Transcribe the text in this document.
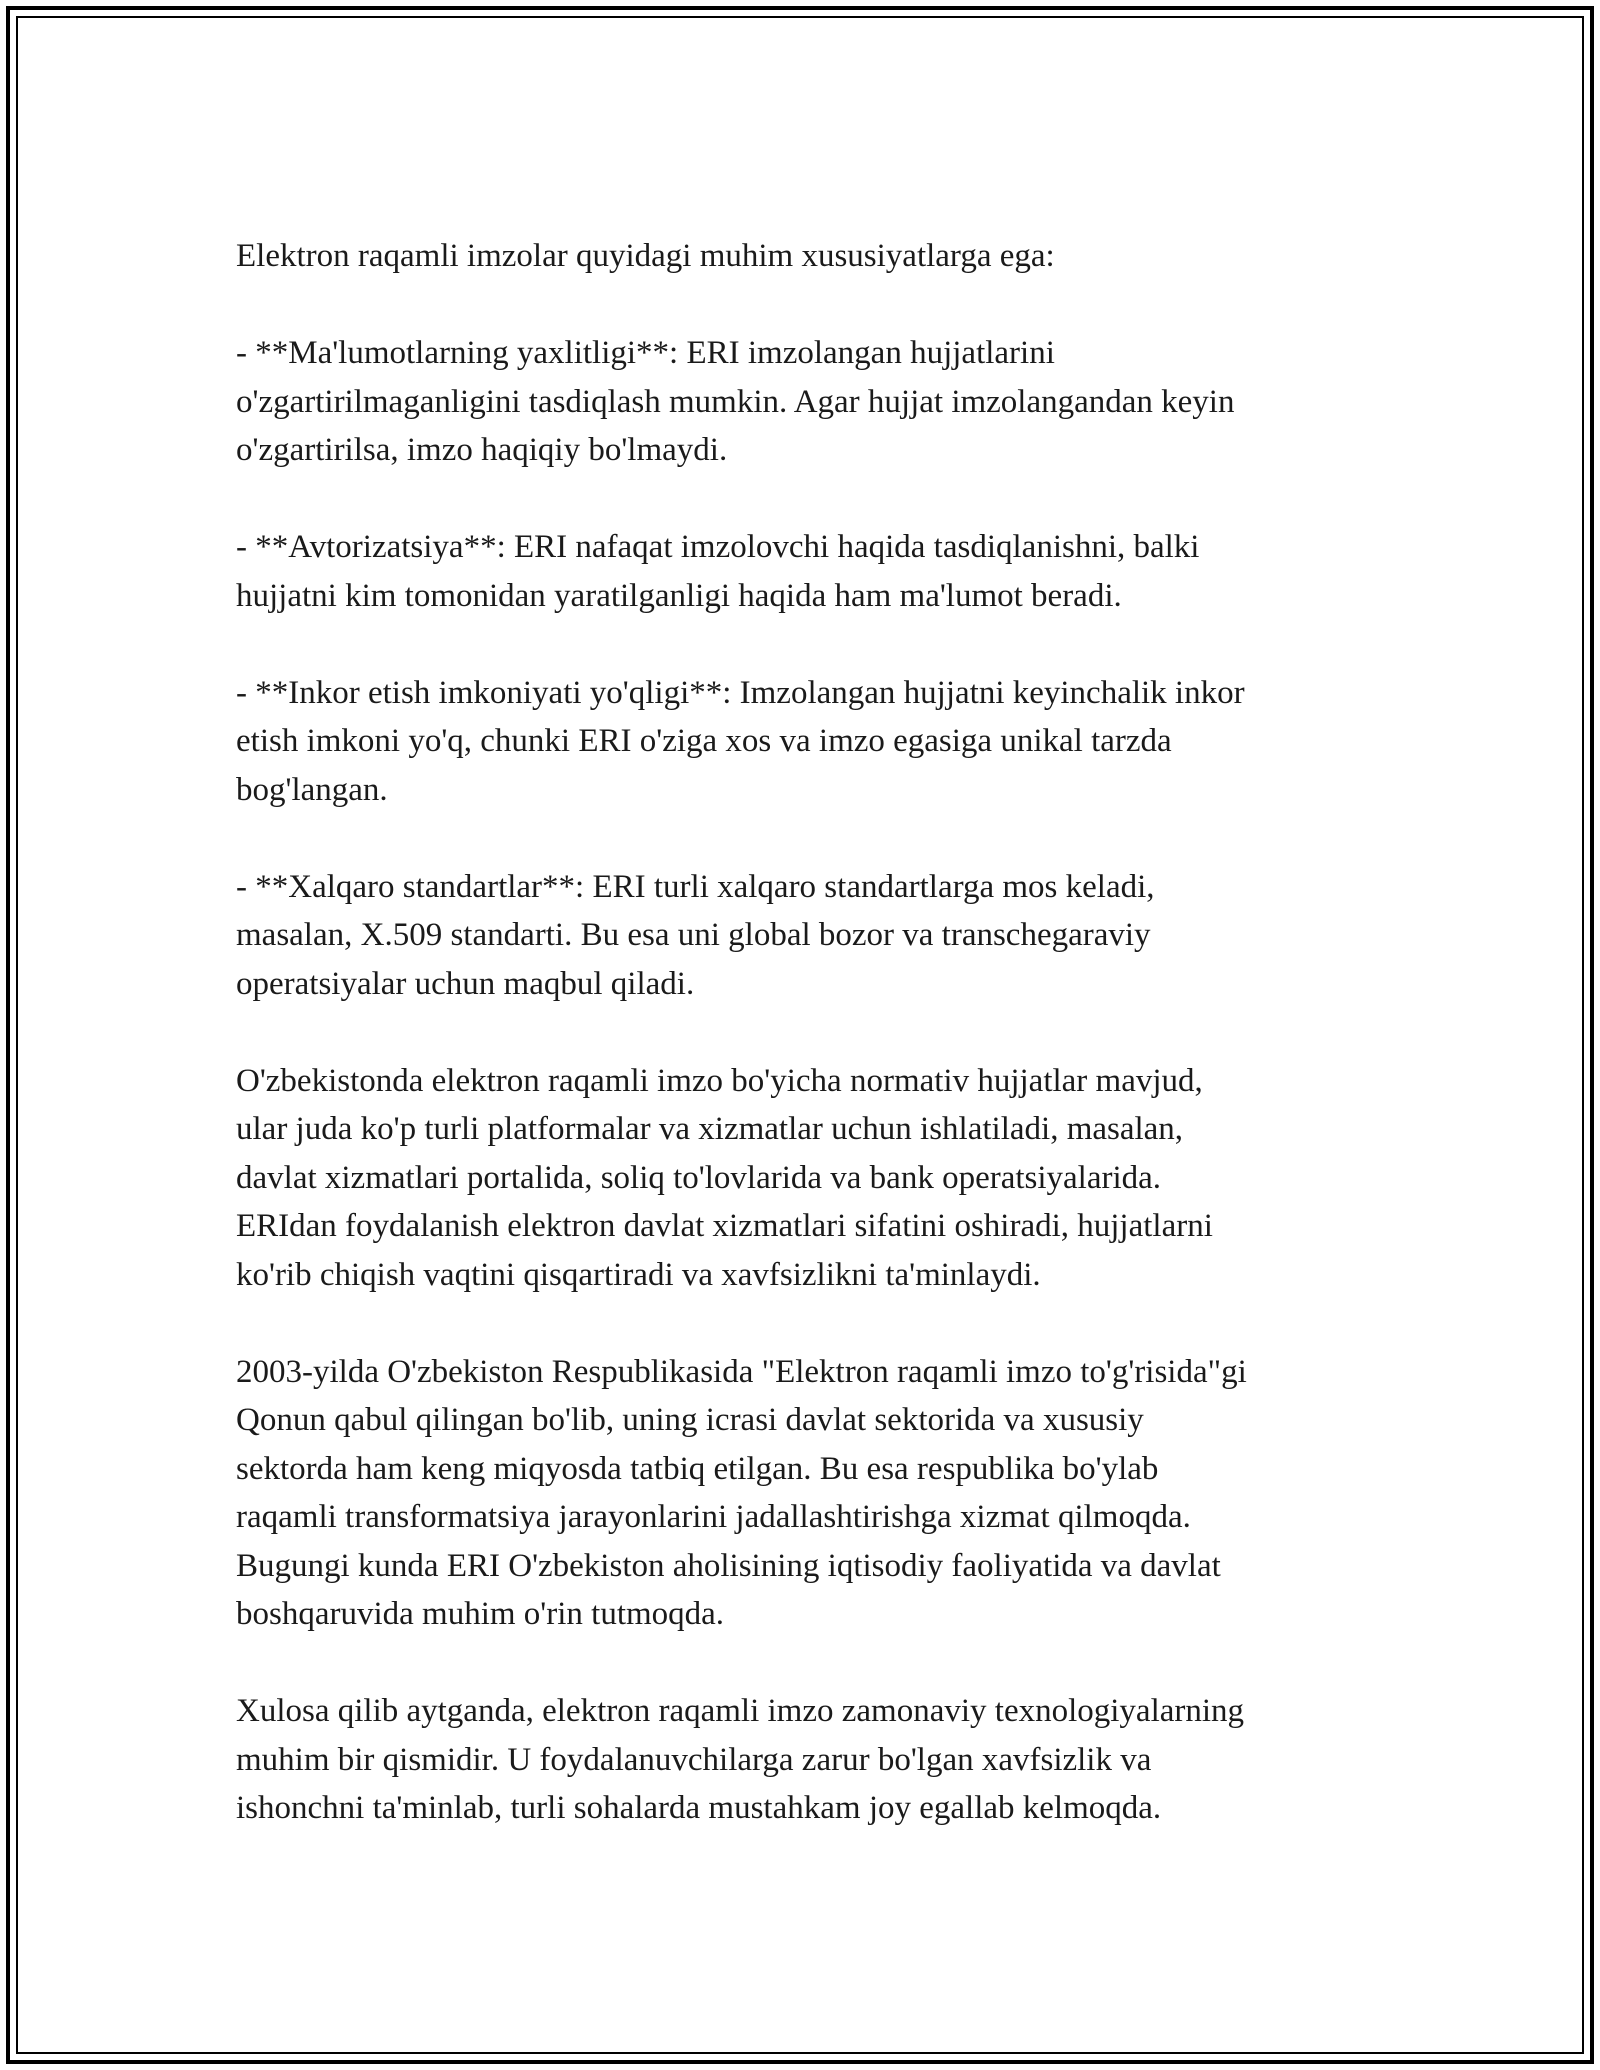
Elektron raqamli imzolar quyidagi muhim xususiyatlarga ega:

- **Ma'lumotlarning yaxlitligi**: ERI imzolangan hujjatlarini
o'zgartirilmaganligini tasdiqlash mumkin. Agar hujjat imzolangandan keyin
o'zgartirilsa, imzo haqiqiy bo'lmaydi.

- **Avtorizatsiya**: ERI nafaqat imzolovchi haqida tasdiqlanishni, balki
hujjatni kim tomonidan yaratilganligi haqida ham ma'lumot beradi.

- **Inkor etish imkoniyati yo'qligi**: Imzolangan hujjatni keyinchalik inkor
etish imkoni yo'q, chunki ERI o'ziga xos va imzo egasiga unikal tarzda
bog'langan.

- **Xalqaro standartlar**: ERI turli xalqaro standartlarga mos keladi,
masalan, X.509 standarti. Bu esa uni global bozor va transchegaraviy
operatsiyalar uchun maqbul qiladi.

O'zbekistonda elektron raqamli imzo bo'yicha normativ hujjatlar mavjud,
ular juda ko'p turli platformalar va xizmatlar uchun ishlatiladi, masalan,
davlat xizmatlari portalida, soliq to'lovlarida va bank operatsiyalarida.
ERIdan foydalanish elektron davlat xizmatlari sifatini oshiradi, hujjatlarni
ko'rib chiqish vaqtini qisqartiradi va xavfsizlikni ta'minlaydi.

2003-yilda O'zbekiston Respublikasida "Elektron raqamli imzo to'g'risida"gi
Qonun qabul qilingan bo'lib, uning icrasi davlat sektorida va xususiy
sektorda ham keng miqyosda tatbiq etilgan. Bu esa respublika bo'ylab
raqamli transformatsiya jarayonlarini jadallashtirishga xizmat qilmoqda.
Bugungi kunda ERI O'zbekiston aholisining iqtisodiy faoliyatida va davlat
boshqaruvida muhim o'rin tutmoqda.

Xulosa qilib aytganda, elektron raqamli imzo zamonaviy texnologiyalarning
muhim bir qismidir. U foydalanuvchilarga zarur bo'lgan xavfsizlik va
ishonchni ta'minlab, turli sohalarda mustahkam joy egallab kelmoqda.
